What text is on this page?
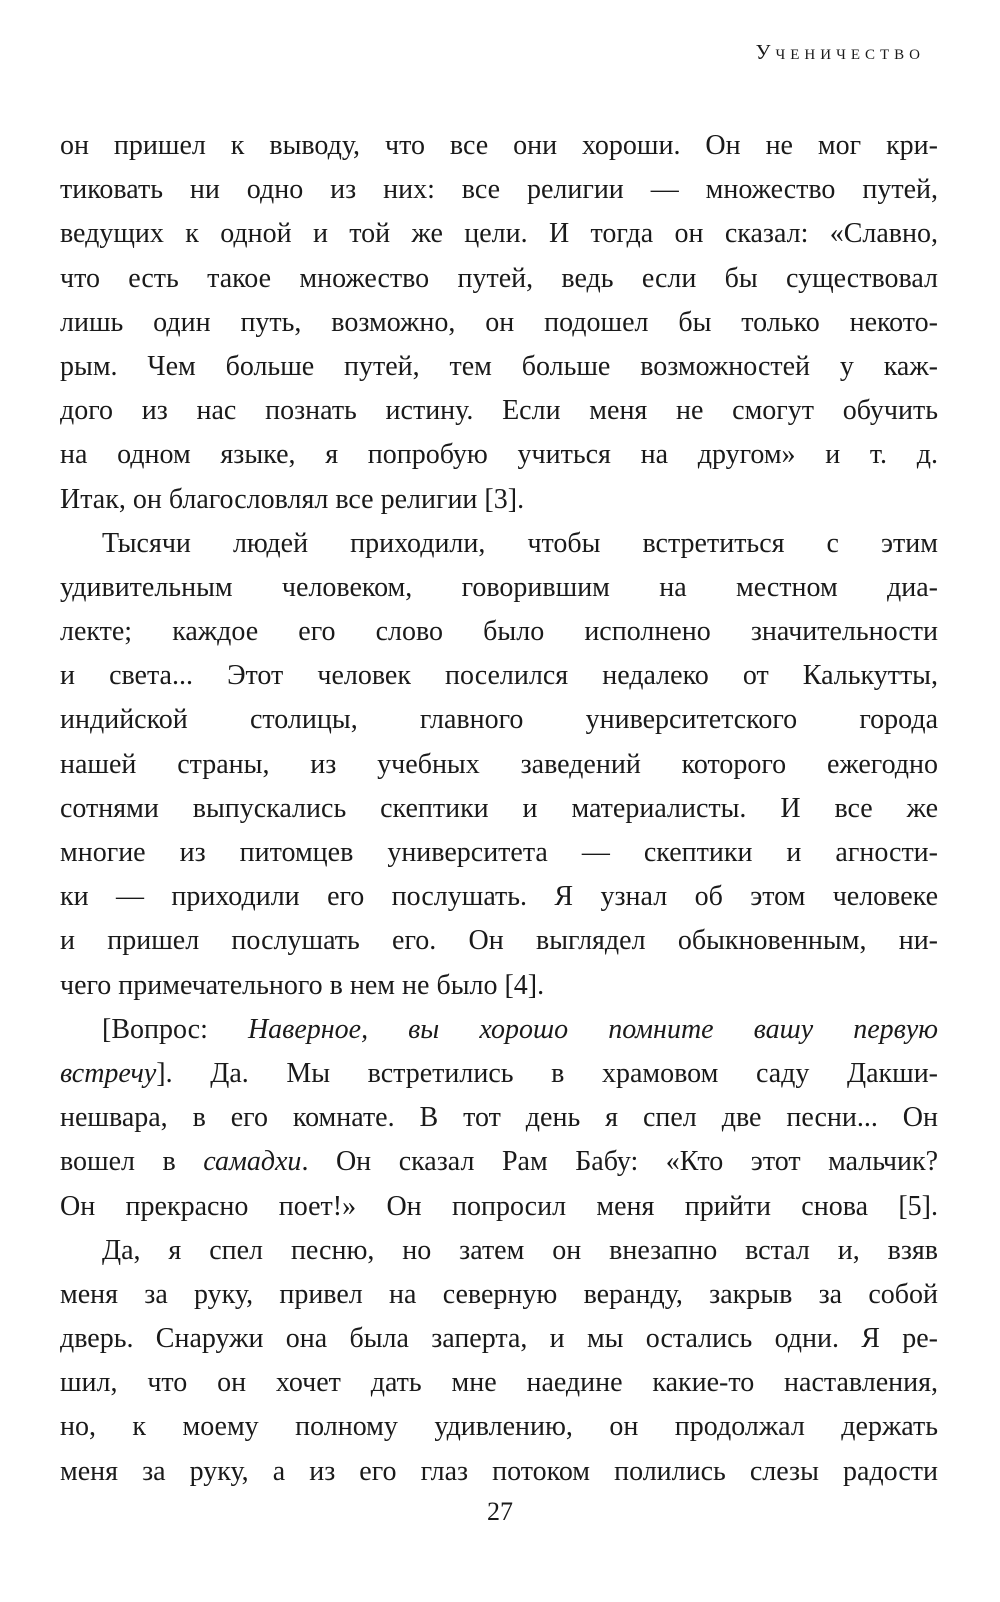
Ученичество
он пришел к выводу, что все они хороши. Он не мог кри-
тиковать ни одно из них: все религии — множество путей,
ведущих к одной и той же цели. И тогда он сказал: «Славно,
что есть такое множество путей, ведь если бы существовал
лишь один путь, возможно, он подошел бы только некото-
рым. Чем больше путей, тем больше возможностей у каж-
дого из нас познать истину. Если меня не смогут обучить
на одном языке, я попробую учиться на другом» и т. д.
Итак, он благословлял все религии [3].
Тысячи людей приходили, чтобы встретиться с этим
удивительным человеком, говорившим на местном диа-
лекте; каждое его слово было исполнено значительности
и света... Этот человек поселился недалеко от Калькутты,
индийской столицы, главного университетского города
нашей страны, из учебных заведений которого ежегодно
сотнями выпускались скептики и материалисты. И все же
многие из питомцев университета — скептики и агности-
ки — приходили его послушать. Я узнал об этом человеке
и пришел послушать его. Он выглядел обыкновенным, ни-
чего примечательного в нем не было [4].
[Вопрос: Наверное, вы хорошо помните вашу первую
встречу]. Да. Мы встретились в храмовом саду Дакши-
нешвара, в его комнате. В тот день я спел две песни... Он
вошел в самадхи. Он сказал Рам Бабу: «Кто этот мальчик?
Он прекрасно поет!» Он попросил меня прийти снова [5].
Да, я спел песню, но затем он внезапно встал и, взяв
меня за руку, привел на северную веранду, закрыв за собой
дверь. Снаружи она была заперта, и мы остались одни. Я ре-
шил, что он хочет дать мне наедине какие-то наставления,
но, к моему полному удивлению, он продолжал держать
меня за руку, а из его глаз потоком полились слезы радости
27
